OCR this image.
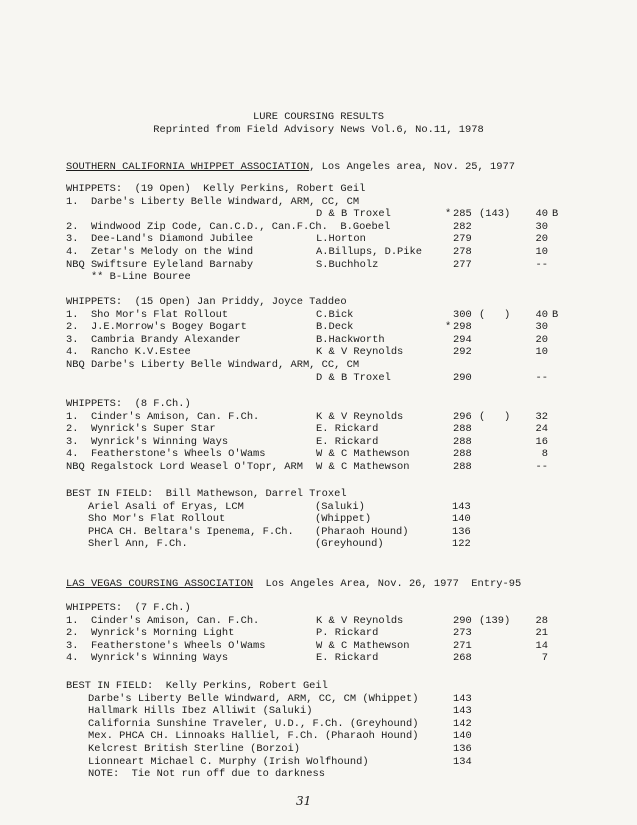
LURE COURSING RESULTS
Reprinted from Field Advisory News Vol.6, No.11, 1978
SOUTHERN CALIFORNIA WHIPPET ASSOCIATION, Los Angeles area, Nov. 25, 1977
WHIPPETS:  (19 Open)  Kelly Perkins, Robert Geil
1.  Darbe's Liberty Belle Windward, ARM, CC, CM
D & B Troxel	* 285 (143)	40 B
2.  Windwood Zip Code, Can.C.D., Can.F.Ch.  B.Goebel	282	30
3.  Dee-Land's Diamond Jubilee	L.Horton	279	20
4.  Zetar's Melody on the Wind	A.Billups, D.Pike	278	10
NBQ Swiftsure Eyleland Barnaby	S.Buchholz	277	--
** B-Line Bouree
WHIPPETS:  (15 Open) Jan Priddy, Joyce Taddeo
1.  Sho Mor's Flat Rollout	C.Bick	300 (   )	40 B
2.  J.E.Morrow's Bogey Bogart	B.Deck	* 298	30
3.  Cambria Brandy Alexander	B.Hackworth	294	20
4.  Rancho K.V.Estee	K & V Reynolds	292	10
NBQ Darbe's Liberty Belle Windward, ARM, CC, CM
D & B Troxel	290	--
WHIPPETS:  (8 F.Ch.)
1.  Cinder's Amison, Can. F.Ch.	K & V Reynolds	296 (   )	32
2.  Wynrick's Super Star	E. Rickard	288	24
3.  Wynrick's Winning Ways	E. Rickard	288	16
4.  Featherstone's Wheels O'Wams	W & C Mathewson	288	8
NBQ Regalstock Lord Weasel O'Topr, ARM W & C Mathewson	288	--
BEST IN FIELD:  Bill Mathewson, Darrel Troxel
Ariel Asali of Eryas, LCM	(Saluki)	143
Sho Mor's Flat Rollout	(Whippet)	140
PHCA CH. Beltara's Ipenema, F.Ch. (Pharaoh Hound)	136
Sherl Ann, F.Ch.	(Greyhound)	122
LAS VEGAS COURSING ASSOCIATION  Los Angeles Area, Nov. 26, 1977  Entry-95
WHIPPETS:  (7 F.Ch.)
1.  Cinder's Amison, Can. F.Ch.	K & V Reynolds	290 (139)	28
2.  Wynrick's Morning Light	P. Rickard	273	21
3.  Featherstone's Wheels O'Wams	W & C Mathewson	271	14
4.  Wynrick's Winning Ways	E. Rickard	268	7
BEST IN FIELD:  Kelly Perkins, Robert Geil
Darbe's Liberty Belle Windward, ARM, CC, CM (Whippet)	143
Hallmark Hills Ibez Alliwit (Saluki)	143
California Sunshine Traveler, U.D., F.Ch. (Greyhound)	142
Mex. PHCA CH. Linnoaks Halliel, F.Ch. (Pharaoh Hound)	140
Kelcrest British Sterline (Borzoi)	136
Lionneart Michael C. Murphy (Irish Wolfhound)	134
NOTE:  Tie Not run off due to darkness
31
